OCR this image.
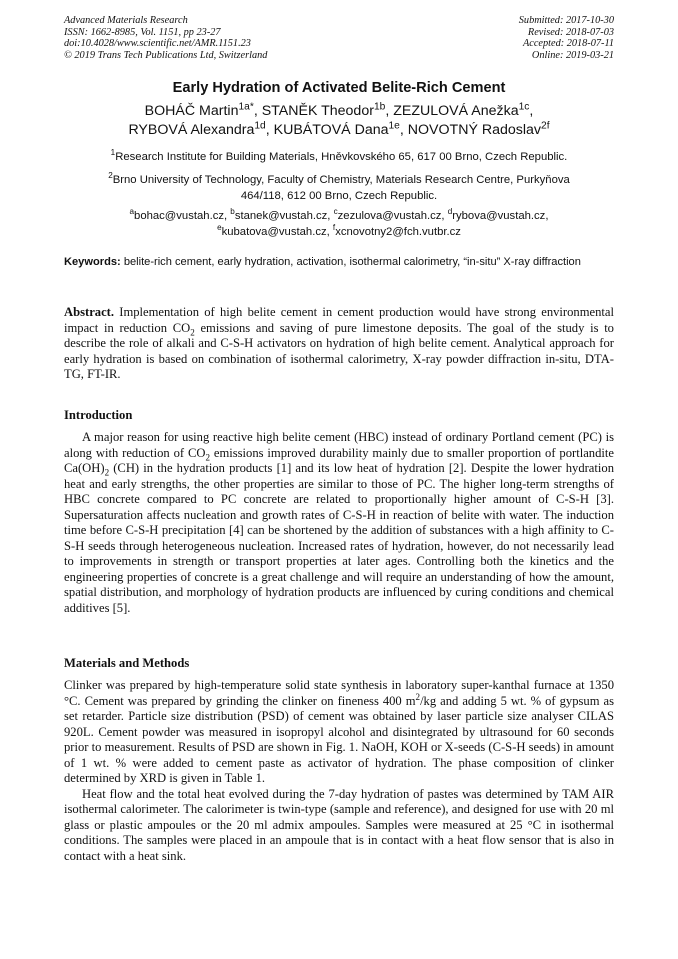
Advanced Materials Research
ISSN: 1662-8985, Vol. 1151, pp 23-27
doi:10.4028/www.scientific.net/AMR.1151.23
© 2019 Trans Tech Publications Ltd, Switzerland
Submitted: 2017-10-30
Revised: 2018-07-03
Accepted: 2018-07-11
Online: 2019-03-21
Early Hydration of Activated Belite-Rich Cement
BOHÁČ Martin$^{1a*}$, STANĚK Theodor$^{1b}$, ZEZULOVÁ Anežka$^{1c}$,
RYBOVÁ Alexandra$^{1d}$, KUBÁTOVÁ Dana$^{1e}$, NOVOTNÝ Radoslav$^{2f}$
$^1$Research Institute for Building Materials, Hněvkovského 65, 617 00 Brno, Czech Republic.
$^2$Brno University of Technology, Faculty of Chemistry, Materials Research Centre, Purkyňova
464/118, 612 00 Brno, Czech Republic.
$^a$bohac@vustah.cz, $^b$stanek@vustah.cz, $^c$zezulova@vustah.cz, $^d$rybova@vustah.cz,
$^e$kubatova@vustah.cz, $^f$xcnovotny2@fch.vutbr.cz
Keywords: belite-rich cement, early hydration, activation, isothermal calorimetry, “in-situ” X-ray diffraction
Abstract. Implementation of high belite cement in cement production would have strong environmental impact in reduction $CO_2$ emissions and saving of pure limestone deposits. The goal of the study is to describe the role of alkali and C-S-H activators on hydration of high belite cement. Analytical approach for early hydration is based on combination of isothermal calorimetry, X-ray powder diffraction in-situ, DTA-TG, FT-IR.
Introduction

A major reason for using reactive high belite cement (HBC) instead of ordinary Portland cement (PC) is along with reduction of $CO_2$ emissions improved durability mainly due to smaller proportion of portlandite $Ca(OH)_2$ (CH) in the hydration products [1] and its low heat of hydration [2]. Despite the lower hydration heat and early strengths, the other properties are similar to those of PC. The higher long-term strengths of HBC concrete compared to PC concrete are related to proportionally higher amount of C-S-H [3]. Supersaturation affects nucleation and growth rates of C-S-H in reaction of belite with water. The induction time before C-S-H precipitation [4] can be shortened by the addition of substances with a high affinity to C-S-H seeds through heterogeneous nucleation. Increased rates of hydration, however, do not necessarily lead to improvements in strength or transport properties at later ages. Controlling both the kinetics and the engineering properties of concrete is a great challenge and will require an understanding of how the amount, spatial distribution, and morphology of hydration products are influenced by curing conditions and chemical additives [5].

Materials and Methods

Clinker was prepared by high-temperature solid state synthesis in laboratory super-kanthal furnace at 1350 °C. Cement was prepared by grinding the clinker on fineness 400 $m^2/kg$ and adding 5 wt. % of gypsum as set retarder. Particle size distribution (PSD) of cement was obtained by laser particle size analyser CILAS 920L. Cement powder was measured in isopropyl alcohol and disintegrated by ultrasound for 60 seconds prior to measurement. Results of PSD are shown in Fig. 1. NaOH, KOH or X-seeds (C-S-H seeds) in amount of 1 wt. % were added to cement paste as activator of hydration. The phase composition of clinker determined by XRD is given in Table 1.

Heat flow and the total heat evolved during the 7-day hydration of pastes was determined by TAM AIR isothermal calorimeter. The calorimeter is twin-type (sample and reference), and designed for use with 20 ml glass or plastic ampoules or the 20 ml admix ampoules. Samples were measured at 25 °C in isothermal conditions. The samples were placed in an ampoule that is in contact with a heat flow sensor that is also in contact with a heat sink.
